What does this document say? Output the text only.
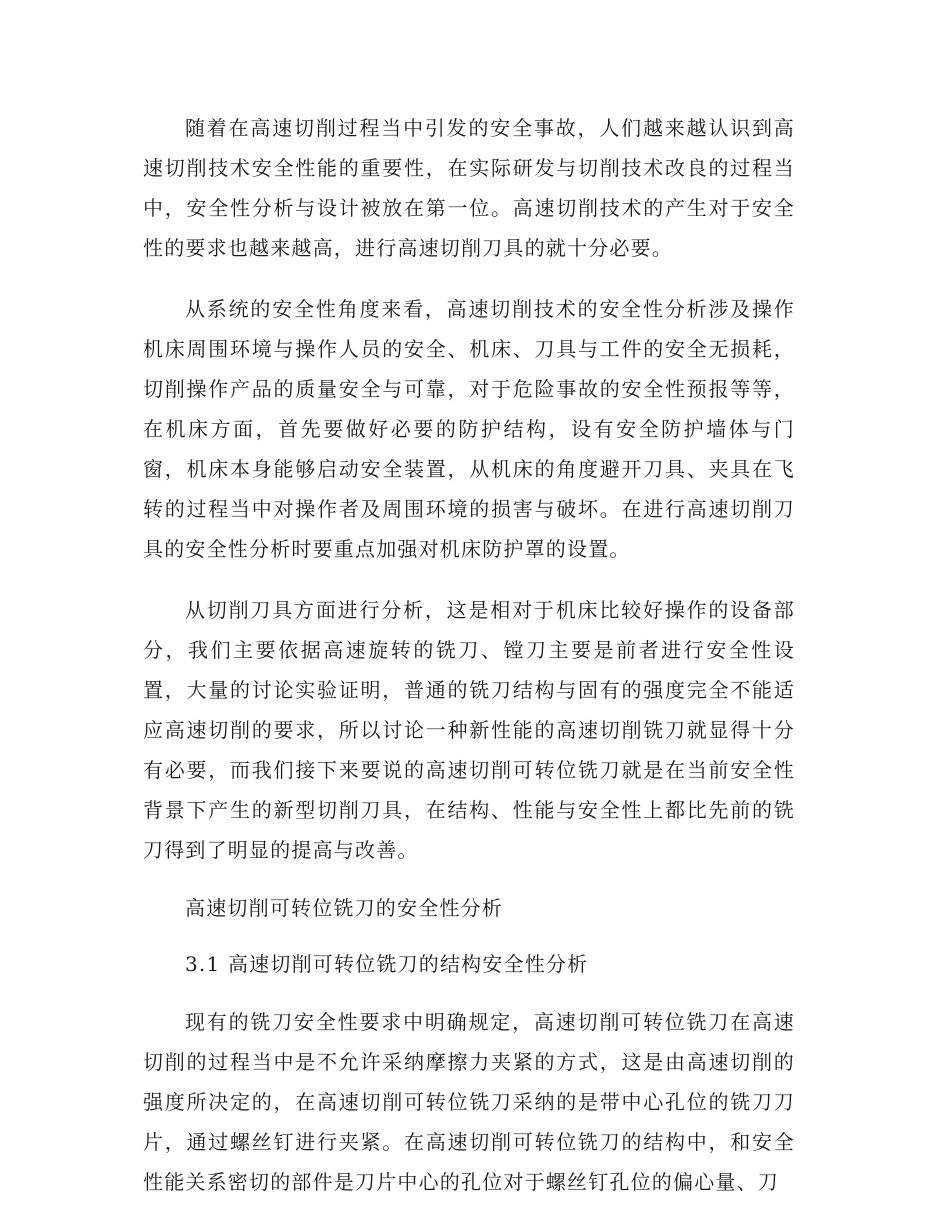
随着在高速切削过程当中引发的安全事故，人们越来越认识到高速切削技术安全性能的重要性，在实际研发与切削技术改良的过程当中，安全性分析与设计被放在第一位。高速切削技术的产生对于安全性的要求也越来越高，进行高速切削刀具的就十分必要。

从系统的安全性角度来看，高速切削技术的安全性分析涉及操作机床周围环境与操作人员的安全、机床、刀具与工件的安全无损耗，切削操作产品的质量安全与可靠，对于危险事故的安全性预报等等，在机床方面，首先要做好必要的防护结构，设有安全防护墙体与门窗，机床本身能够启动安全装置，从机床的角度避开刀具、夹具在飞转的过程当中对操作者及周围环境的损害与破坏。在进行高速切削刀具的安全性分析时要重点加强对机床防护罩的设置。

从切削刀具方面进行分析，这是相对于机床比较好操作的设备部分，我们主要依据高速旋转的铣刀、镗刀主要是前者进行安全性设置，大量的讨论实验证明，普通的铣刀结构与固有的强度完全不能适应高速切削的要求，所以讨论一种新性能的高速切削铣刀就显得十分有必要，而我们接下来要说的高速切削可转位铣刀就是在当前安全性背景下产生的新型切削刀具，在结构、性能与安全性上都比先前的铣刀得到了明显的提高与改善。

高速切削可转位铣刀的安全性分析

3.1 高速切削可转位铣刀的结构安全性分析

现有的铣刀安全性要求中明确规定，高速切削可转位铣刀在高速切削的过程当中是不允许采纳摩擦力夹紧的方式，这是由高速切削的强度所决定的，在高速切削可转位铣刀采纳的是带中心孔位的铣刀刀片，通过螺丝钉进行夹紧。在高速切削可转位铣刀的结构中，和安全性能关系密切的部件是刀片中心的孔位对于螺丝钉孔位的偏心量、刀
